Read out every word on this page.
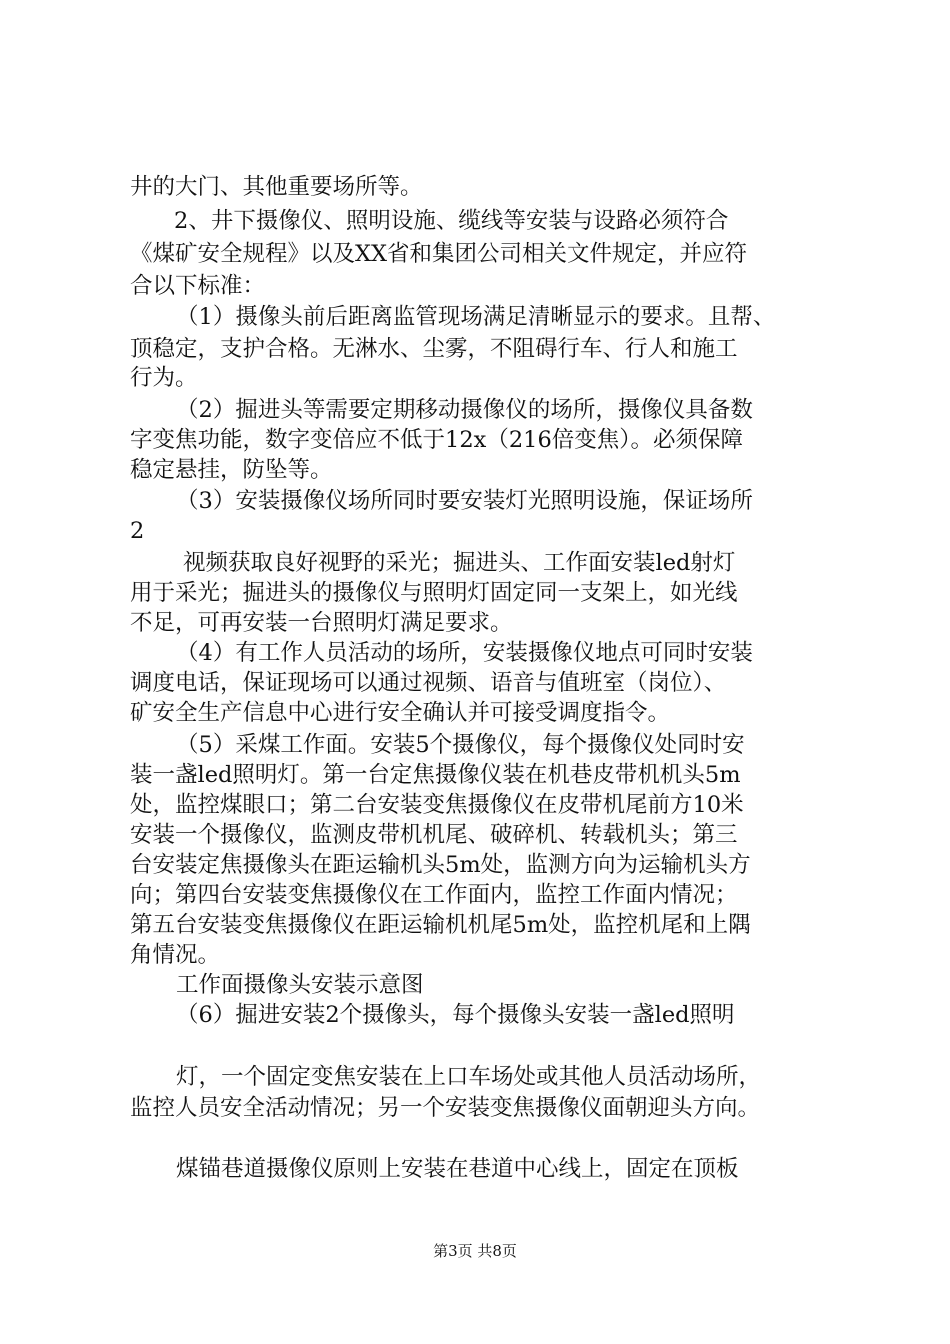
井的大门、其他重要场所等。
2、井下摄像仪、照明设施、缆线等安装与设路必须符合
《煤矿安全规程》以及XX省和集团公司相关文件规定，并应符
合以下标准：
（1）摄像头前后距离监管现场满足清晰显示的要求。且帮、
顶稳定，支护合格。无淋水、尘雾，不阻碍行车、行人和施工
行为。
（2）掘进头等需要定期移动摄像仪的场所，摄像仪具备数
字变焦功能，数字变倍应不低于12x（216倍变焦）。必须保障
稳定悬挂，防坠等。
（3）安装摄像仪场所同时要安装灯光照明设施，保证场所
2
视频获取良好视野的采光；掘进头、工作面安装led射灯
用于采光；掘进头的摄像仪与照明灯固定同一支架上，如光线
不足，可再安装一台照明灯满足要求。
（4）有工作人员活动的场所，安装摄像仪地点可同时安装
调度电话，保证现场可以通过视频、语音与值班室（岗位）、
矿安全生产信息中心进行安全确认并可接受调度指令。
（5）采煤工作面。安装5个摄像仪，每个摄像仪处同时安
装一盏led照明灯。第一台定焦摄像仪装在机巷皮带机机头5m
处，监控煤眼口；第二台安装变焦摄像仪在皮带机尾前方10米
安装一个摄像仪，监测皮带机机尾、破碎机、转载机头；第三
台安装定焦摄像头在距运输机头5m处，监测方向为运输机头方
向；第四台安装变焦摄像仪在工作面内，监控工作面内情况；
第五台安装变焦摄像仪在距运输机机尾5m处，监控机尾和上隅
角情况。
工作面摄像头安装示意图
（6）掘进安装2个摄像头，每个摄像头安装一盏led照明
灯，一个固定变焦安装在上口车场处或其他人员活动场所，
监控人员安全活动情况；另一个安装变焦摄像仪面朝迎头方向。
煤锚巷道摄像仪原则上安装在巷道中心线上，固定在顶板
第3页 共8页
